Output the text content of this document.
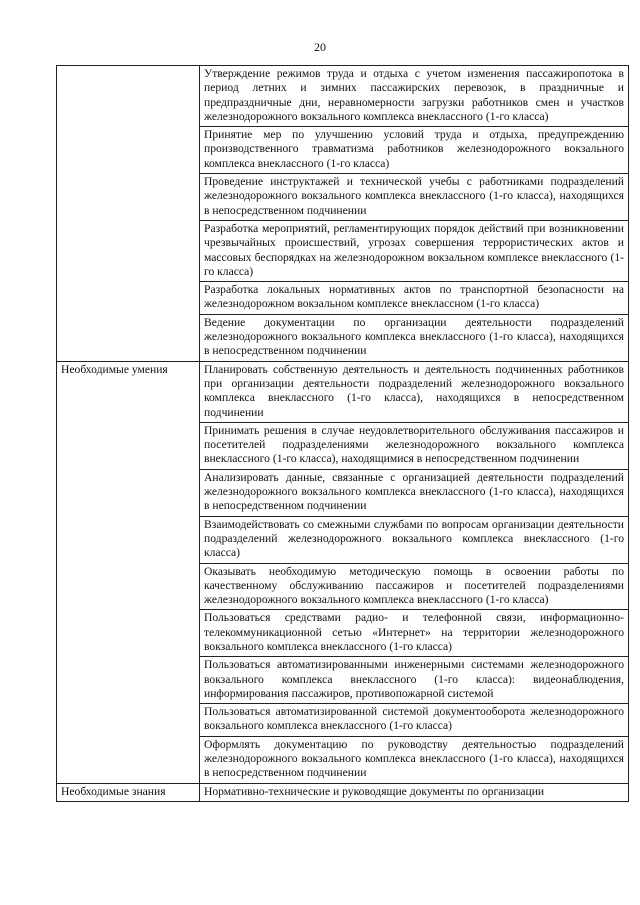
20

	Утверждение режимов труда и отдыха с учетом изменения пассажиропотока в период летних и зимних пассажирских перевозок, в праздничные и предпраздничные дни, неравномерности загрузки работников смен и участков железнодорожного вокзального комплекса внеклассного (1-го класса)

	Принятие мер по улучшению условий труда и отдыха, предупреждению производственного травматизма работников железнодорожного вокзального комплекса внеклассного (1-го класса)

	Проведение инструктажей и технической учебы с работниками подразделений железнодорожного вокзального комплекса внеклассного (1-го класса), находящихся в непосредственном подчинении

	Разработка мероприятий, регламентирующих порядок действий при возникновении чрезвычайных происшествий, угрозах совершения террористических актов и массовых беспорядках на железнодорожном вокзальном комплексе внеклассного (1-го класса)

	Разработка локальных нормативных актов по транспортной безопасности на железнодорожном вокзальном комплексе внеклассном (1-го класса)

	Ведение документации по организации деятельности подразделений железнодорожного вокзального комплекса внеклассного (1-го класса), находящихся в непосредственном подчинении

Необходимые умения	Планировать собственную деятельность и деятельность подчиненных работников при организации деятельности подразделений железнодорожного вокзального комплекса внеклассного (1-го класса), находящихся в непосредственном подчинении

	Принимать решения в случае неудовлетворительного обслуживания пассажиров и посетителей подразделениями железнодорожного вокзального комплекса внеклассного (1-го класса), находящимися в непосредственном подчинении

	Анализировать данные, связанные с организацией деятельности подразделений железнодорожного вокзального комплекса внеклассного (1-го класса), находящихся в непосредственном подчинении

	Взаимодействовать со смежными службами по вопросам организации деятельности подразделений железнодорожного вокзального комплекса внеклассного (1-го класса)

	Оказывать необходимую методическую помощь в освоении работы по качественному обслуживанию пассажиров и посетителей подразделениями железнодорожного вокзального комплекса внеклассного (1-го класса)

	Пользоваться средствами радио- и телефонной связи, информационно-телекоммуникационной сетью «Интернет» на территории железнодорожного вокзального комплекса внеклассного (1-го класса)

	Пользоваться автоматизированными инженерными системами железнодорожного вокзального комплекса внеклассного (1-го класса): видеонаблюдения, информирования пассажиров, противопожарной системой

	Пользоваться автоматизированной системой документооборота железнодорожного вокзального комплекса внеклассного (1-го класса)

	Оформлять документацию по руководству деятельностью подразделений железнодорожного вокзального комплекса внеклассного (1-го класса), находящихся в непосредственном подчинении

Необходимые знания	Нормативно-технические и руководящие документы по организации
